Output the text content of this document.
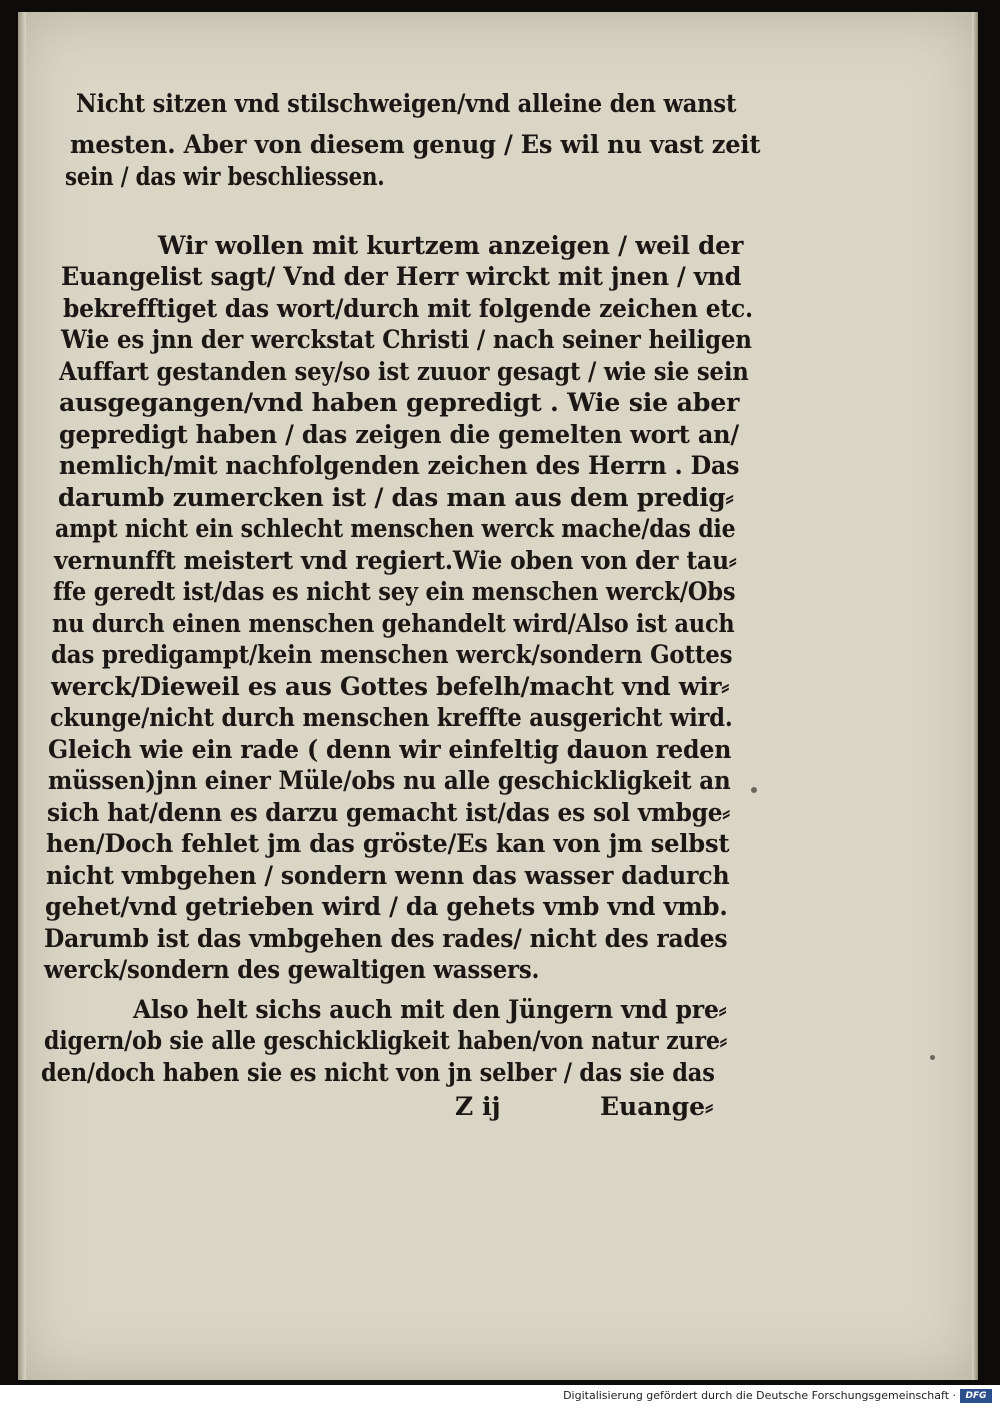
Nicht sitzen vnd stilschweigen/vnd alleine den wanst

mesten. Aber von diesem genug / Es wil nu vast zeit

sein / das wir beschliessen.

Wir wollen mit kurtzem anzeigen / weil der

Euangelist sagt/ Vnd der Herr wirckt mit jnen / vnd

bekrefftiget das wort/durch mit folgende zeichen etc.

Wie es jnn der werckstat Christi / nach seiner heiligen

Auffart gestanden sey/so ist zuuor gesagt / wie sie sein

ausgegangen/vnd haben gepredigt . Wie sie aber

gepredigt haben / das zeigen die gemelten wort an/

nemlich/mit nachfolgenden zeichen des Herrn . Das

darumb zumercken ist / das man aus dem predig⸗

ampt nicht ein schlecht menschen werck mache/das die

vernunfft meistert vnd regiert.Wie oben von der tau⸗

ffe geredt ist/das es nicht sey ein menschen werck/Obs

nu durch einen menschen gehandelt wird/Also ist auch

das predigampt/kein menschen werck/sondern Gottes

werck/Dieweil es aus Gottes befelh/macht vnd wir⸗

ckunge/nicht durch menschen krefftе ausgericht wird.

Gleich wie ein rade ( denn wir einfeltig dauon reden

müssen)jnn einer Müle/obs nu alle geschickligkeit an

sich hat/denn es darzu gemacht ist/das es sol vmbge⸗

hen/Doch fehlet jm das gröste/Es kan von jm selbst

nicht vmbgehen / sondern wenn das wasser dadurch

gehet/vnd getrieben wird / da gehets vmb vnd vmb.

Darumb ist das vmbgehen des rades/ nicht des rades

werck/sondern des gewaltigen wassers.

Also helt sichs auch mit den Jüngern vnd pre⸗

digern/ob sie alle geschickligkeit haben/von natur zure⸗

den/doch haben sie es nicht von jn selber / das sie das

Z ij	Euange⸗
Digitalisierung gefördert durch die Deutsche Forschungsgemeinschaft ·	DFG
